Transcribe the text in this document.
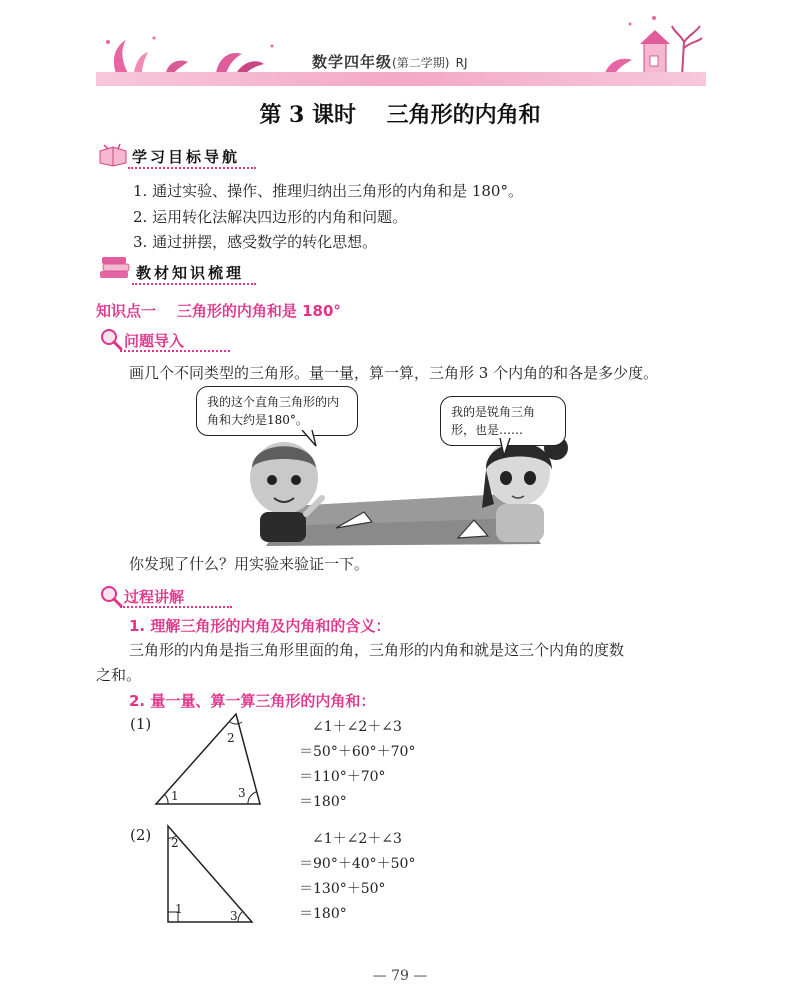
数学四年级(第二学期) RJ
第 3 课时    三角形的内角和
学习目标导航
1. 通过实验、操作、推理归纳出三角形的内角和是 180°。
2. 运用转化法解决四边形的内角和问题。
3. 通过拼摆，感受数学的转化思想。
教材知识梳理
知识点一    三角形的内角和是 180°
问题导入
画几个不同类型的三角形。量一量，算一算，三角形 3 个内角的和各是多少度。
我的这个直角三角形的内角和大约是180°。
我的是锐角三角形，也是……
你发现了什么？用实验来验证一下。
过程讲解
1. 理解三角形的内角及内角和的含义：
三角形的内角是指三角形里面的角，三角形的内角和就是这三个内角的度数
之和。
2. 量一量、算一算三角形的内角和：
(1)
1
2
3
∠1＋∠2＋∠3
＝50°＋60°＋70°
＝110°＋70°
＝180°
(2)
1
2
3
∠1＋∠2＋∠3
＝90°＋40°＋50°
＝130°＋50°
＝180°
— 79 —
